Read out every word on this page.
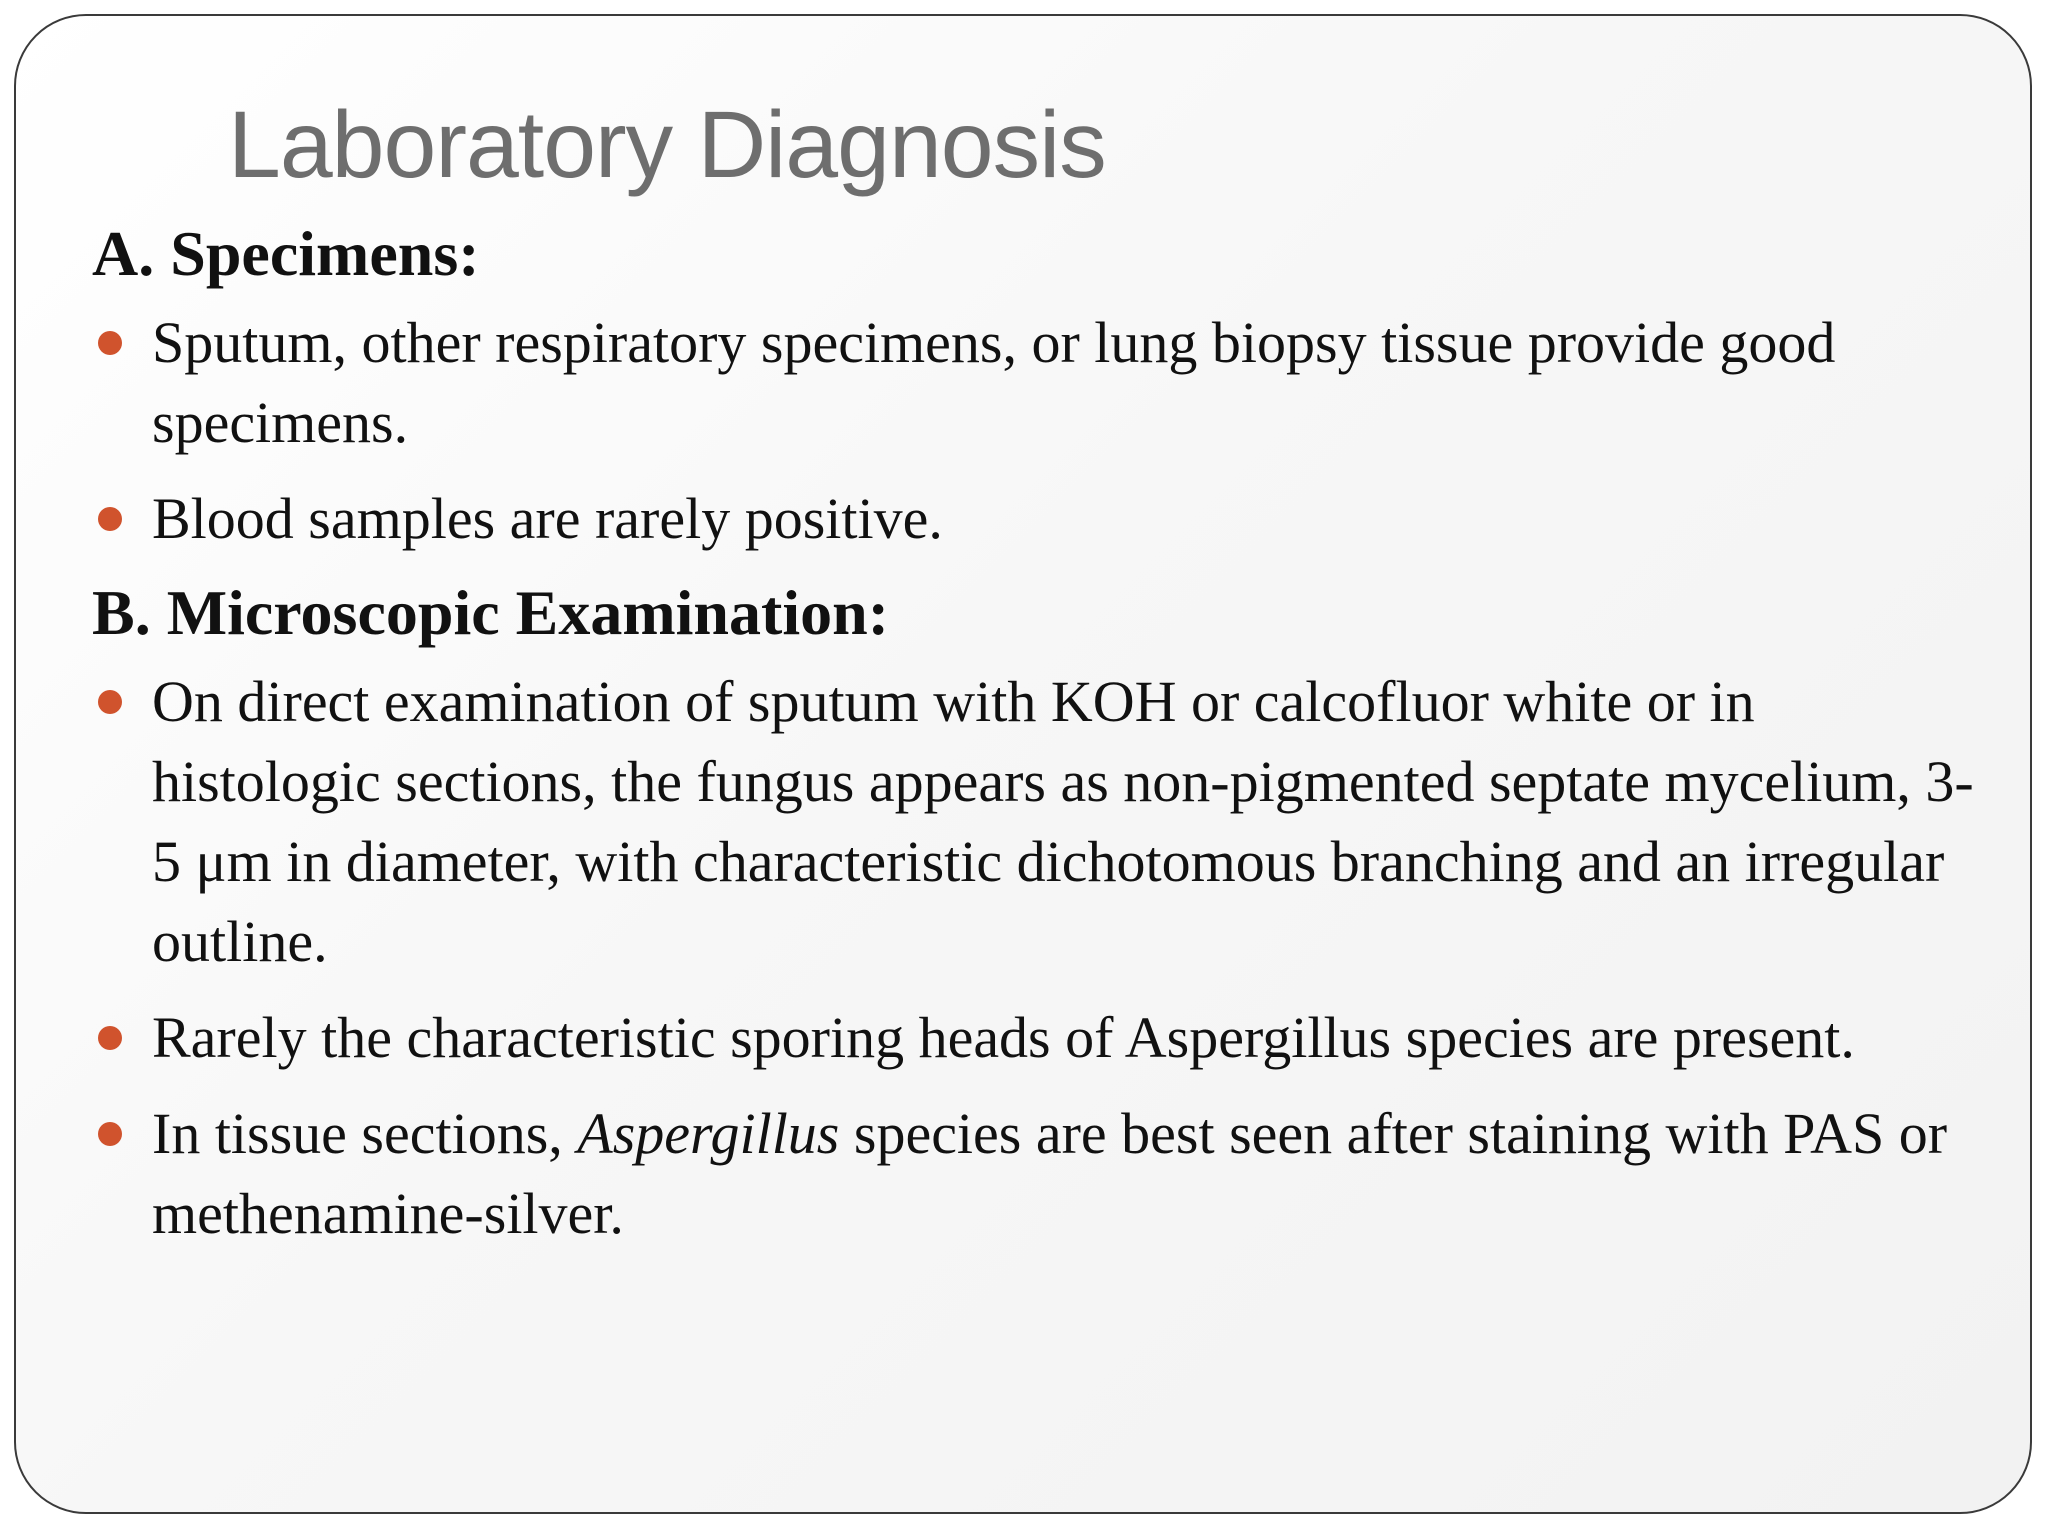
Laboratory Diagnosis
A. Specimens:
Sputum, other respiratory specimens, or lung biopsy tissue provide good specimens.
Blood samples are rarely positive.
B. Microscopic Examination:
On direct examination of sputum with KOH or calcofluor white or in histologic sections, the fungus appears as non-pigmented septate mycelium, 3-5 μm in diameter, with characteristic dichotomous branching and an irregular outline.
Rarely the characteristic sporing heads of Aspergillus species are present.
In tissue sections, Aspergillus species are best seen after staining with PAS or methenamine-silver.
